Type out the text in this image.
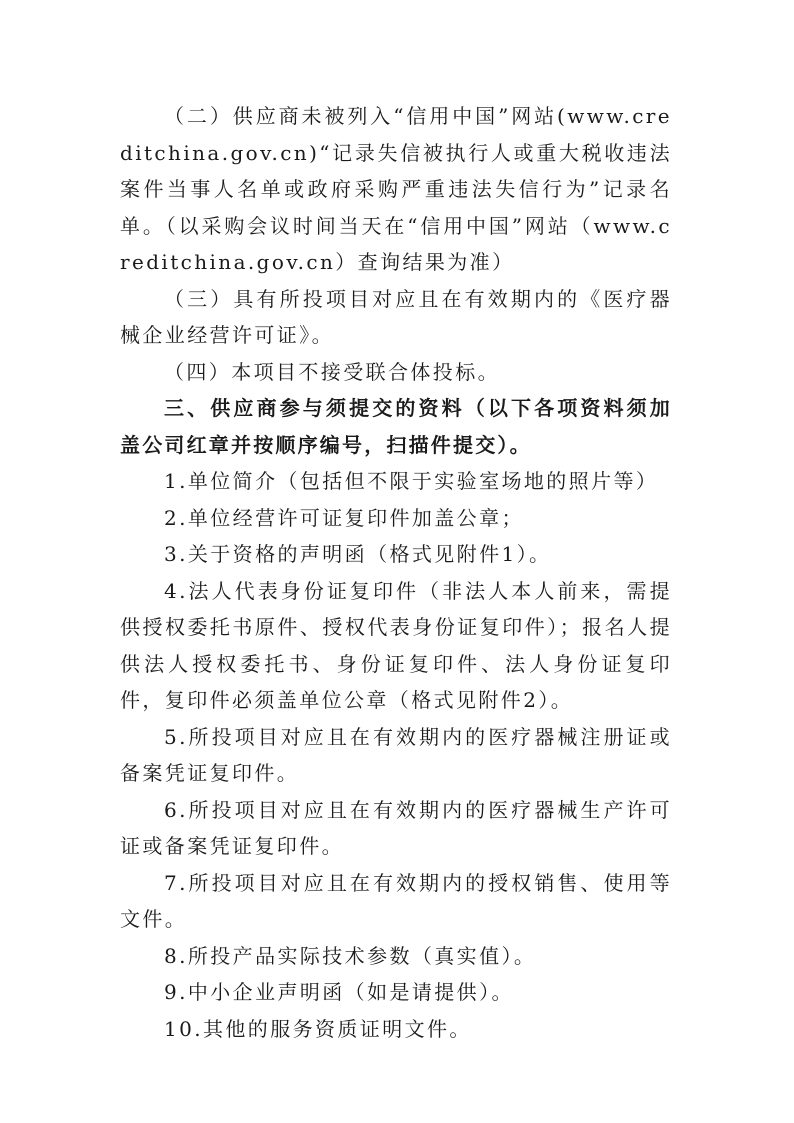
（二）供应商未被列入“信用中国”网站(www.creditchina.gov.cn)“记录失信被执行人或重大税收违法案件当事人名单或政府采购严重违法失信行为”记录名单。（以采购会议时间当天在“信用中国”网站（www.creditchina.gov.cn）查询结果为准）

（三）具有所投项目对应且在有效期内的《医疗器械企业经营许可证》。

（四）本项目不接受联合体投标。

三、供应商参与须提交的资料（以下各项资料须加盖公司红章并按顺序编号，扫描件提交）。

1.单位简介（包括但不限于实验室场地的照片等）

2.单位经营许可证复印件加盖公章；

3.关于资格的声明函（格式见附件1）。

4.法人代表身份证复印件（非法人本人前来，需提供授权委托书原件、授权代表身份证复印件）；报名人提供法人授权委托书、身份证复印件、法人身份证复印件，复印件必须盖单位公章（格式见附件2）。

5.所投项目对应且在有效期内的医疗器械注册证或备案凭证复印件。

6.所投项目对应且在有效期内的医疗器械生产许可证或备案凭证复印件。

7.所投项目对应且在有效期内的授权销售、使用等文件。

8.所投产品实际技术参数（真实值）。

9.中小企业声明函（如是请提供）。

10.其他的服务资质证明文件。
